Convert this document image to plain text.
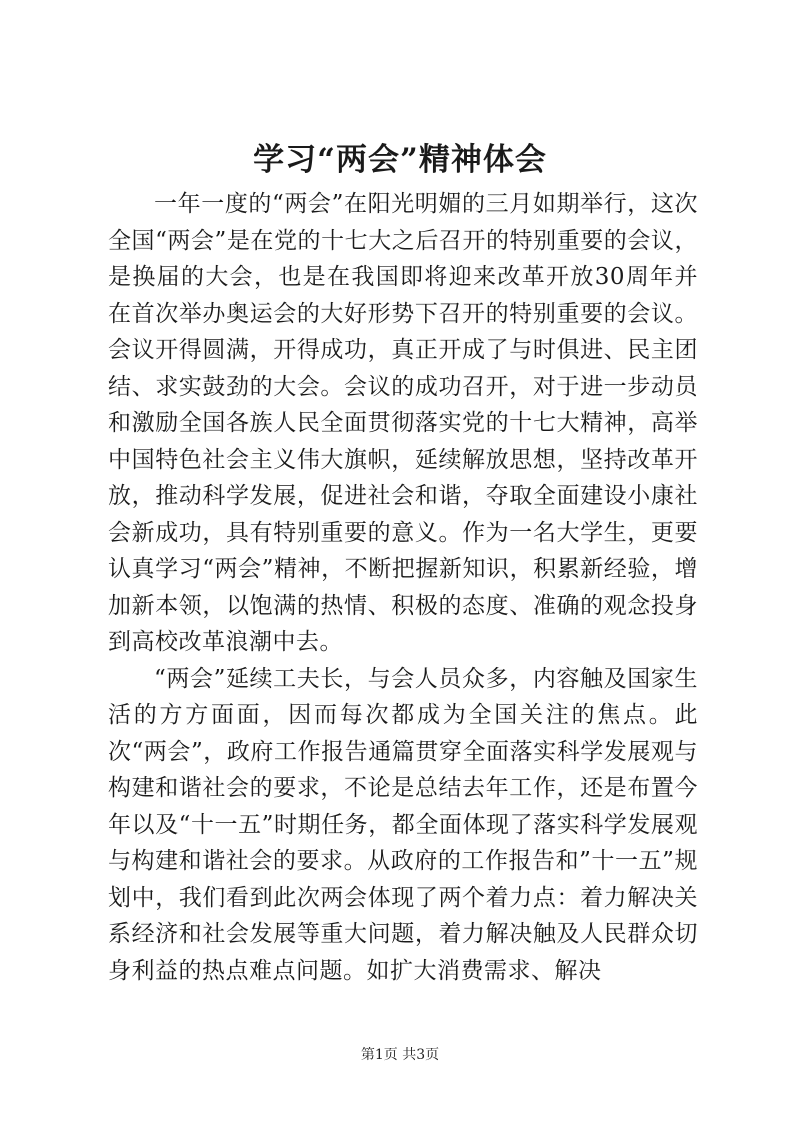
学习“两会”精神体会

一年一度的“两会”在阳光明媚的三月如期举行，这次全国“两会”是在党的十七大之后召开的特别重要的会议，是换届的大会，也是在我国即将迎来改革开放30周年并在首次举办奥运会的大好形势下召开的特别重要的会议。会议开得圆满，开得成功，真正开成了与时俱进、民主团结、求实鼓劲的大会。会议的成功召开，对于进一步动员和激励全国各族人民全面贯彻落实党的十七大精神，高举中国特色社会主义伟大旗帜，延续解放思想，坚持改革开放，推动科学发展，促进社会和谐，夺取全面建设小康社会新成功，具有特别重要的意义。作为一名大学生，更要认真学习“两会”精神，不断把握新知识，积累新经验，增加新本领，以饱满的热情、积极的态度、准确的观念投身到高校改革浪潮中去。

“两会”延续工夫长，与会人员众多，内容触及国家生活的方方面面，因而每次都成为全国关注的焦点。此次“两会”，政府工作报告通篇贯穿全面落实科学发展观与构建和谐社会的要求，不论是总结去年工作，还是布置今年以及“十一五”时期任务，都全面体现了落实科学发展观与构建和谐社会的要求。从政府的工作报告和”十一五”规划中，我们看到此次两会体现了两个着力点：着力解决关系经济和社会发展等重大问题，着力解决触及人民群众切身利益的热点难点问题。如扩大消费需求、解决

第1页 共3页
